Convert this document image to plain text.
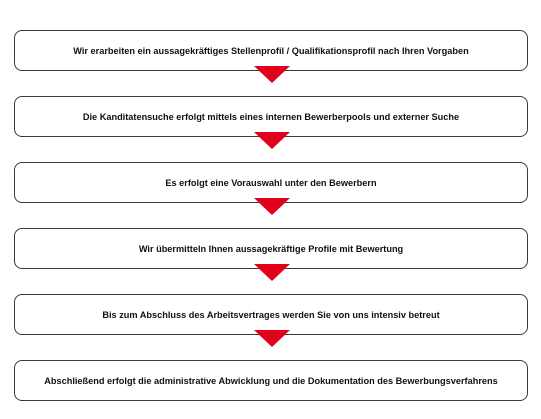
Wir erarbeiten ein aussagekräftiges Stellenprofil / Qualifikationsprofil nach Ihren Vorgaben
Die Kanditatensuche erfolgt mittels eines internen Bewerberpools und externer Suche
Es erfolgt eine Vorauswahl unter den Bewerbern
Wir übermitteln Ihnen aussagekräftige Profile mit Bewertung
Bis zum Abschluss des Arbeitsvertrages werden Sie von uns intensiv betreut
Abschließend erfolgt die administrative Abwicklung und die Dokumentation des Bewerbungsverfahrens
